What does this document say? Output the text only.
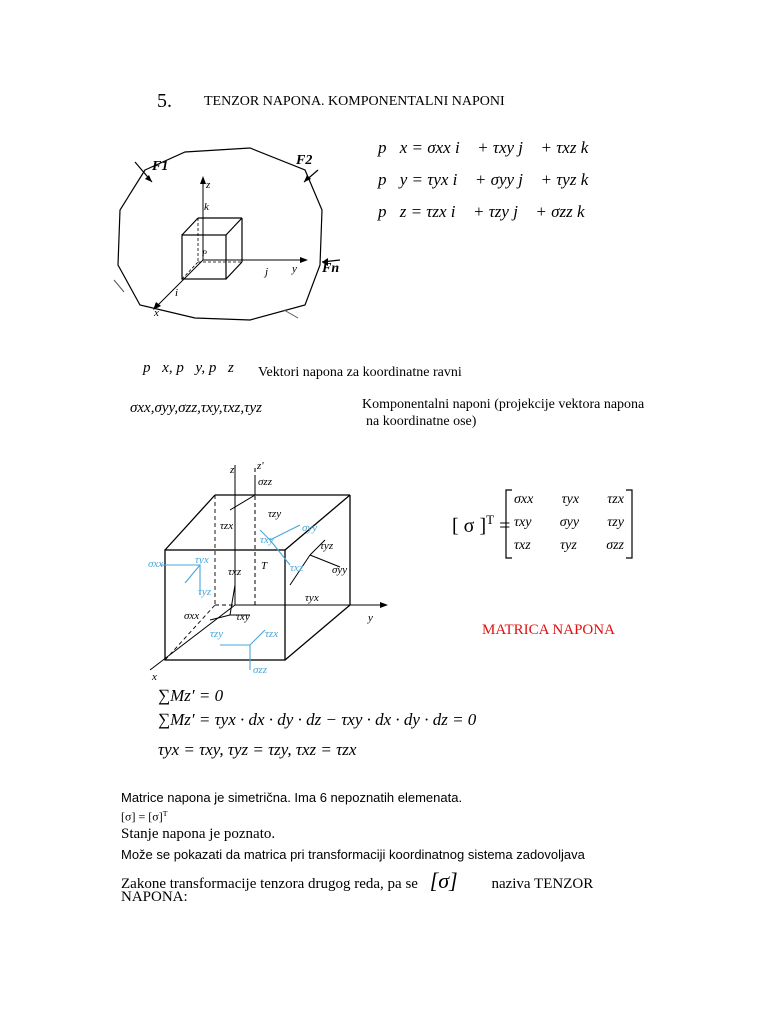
5. TENZOR NAPONA. KOMPONENTALNI NAPONI
F1	F2
Fn
z
y
x
k
j
i
P
p⃗x = σxx i⃗ + τxy j⃗ + τxz k⃗
p⃗y = τyx i⃗ + σyy j⃗ + τyz k⃗
p⃗z = τzx i⃗ + τzy j⃗ + σzz k⃗
p⃗x, p⃗y, p⃗z Vektori napona za koordinatne ravni
σxx,σyy,σzz,τxy,τxz,τyz	Komponentalni naponi (projekcije vektora napona
na koordinatne ose)
z z'
y
x
T
σzz
τzy
τzx
τyz
σyy
τyx
τxz
σxx	τxy
τxy
σyy
τyx
τyz
τxz
τzy	τzx
σzz
σxx
[ σ ]$^T$ =
σxx τyx τzx
τxy σyy τzy
τxz τyz σzz
MATRICA NAPONA
∑Mz′ = 0
∑Mz′ = τyx · dx · dy · dz − τxy · dx · dy · dz = 0
τyx = τxy, τyz = τzy, τxz = τzx
Matrice napona je simetrična. Ima 6 nepoznatih elemenata.
$[\sigma] = [\sigma]^T$
Stanje napona je poznato.
Može se pokazati da matrica pri transformaciji koordinatnog sistema zadovoljava
Zakone transformacije tenzora drugog reda, pa se [σ] naziva TENZOR
NAPONA:
